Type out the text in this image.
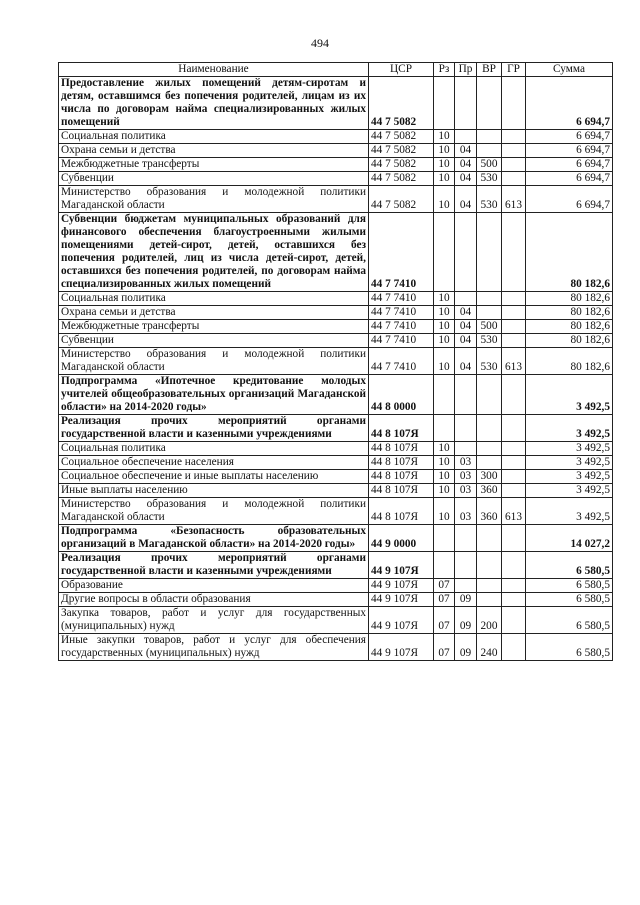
494
Наименование	ЦСР	Рз	Пр	ВР	ГР	Сумма
Предоставление жилых помещений детям-сиротам и детям, оставшимся без попечения родителей, лицам из их числа по договорам найма специализированных жилых помещений	44 7 5082					6 694,7
Социальная политика	44 7 5082	10				6 694,7
Охрана семьи и детства	44 7 5082	10	04			6 694,7
Межбюджетные трансферты	44 7 5082	10	04	500		6 694,7
Субвенции	44 7 5082	10	04	530		6 694,7
Министерство образования и молодежной политики Магаданской области	44 7 5082	10	04	530	613	6 694,7
Субвенции бюджетам муниципальных образований для финансового обеспечения благоустроенными жилыми помещениями детей-сирот, детей, оставшихся без попечения родителей, лиц из числа детей-сирот, детей, оставшихся без попечения родителей, по договорам найма специализированных жилых помещений	44 7 7410					80 182,6
Социальная политика	44 7 7410	10				80 182,6
Охрана семьи и детства	44 7 7410	10	04			80 182,6
Межбюджетные трансферты	44 7 7410	10	04	500		80 182,6
Субвенции	44 7 7410	10	04	530		80 182,6
Министерство образования и молодежной политики Магаданской области	44 7 7410	10	04	530	613	80 182,6
Подпрограмма «Ипотечное кредитование молодых учителей общеобразовательных организаций Магаданской области» на 2014-2020 годы»	44 8 0000					3 492,5
Реализация прочих мероприятий органами государственной власти и казенными учреждениями	44 8 107Я					3 492,5
Социальная политика	44 8 107Я	10				3 492,5
Социальное обеспечение населения	44 8 107Я	10	03			3 492,5
Социальное обеспечение и иные выплаты населению	44 8 107Я	10	03	300		3 492,5
Иные выплаты населению	44 8 107Я	10	03	360		3 492,5
Министерство образования и молодежной политики Магаданской области	44 8 107Я	10	03	360	613	3 492,5
Подпрограмма «Безопасность образовательных организаций в Магаданской области» на 2014-2020 годы»	44 9 0000					14 027,2
Реализация прочих мероприятий органами государственной власти и казенными учреждениями	44 9 107Я					6 580,5
Образование	44 9 107Я	07				6 580,5
Другие вопросы в области образования	44 9 107Я	07	09			6 580,5
Закупка товаров, работ и услуг для государственных (муниципальных) нужд	44 9 107Я	07	09	200		6 580,5
Иные закупки товаров, работ и услуг для обеспечения государственных (муниципальных) нужд	44 9 107Я	07	09	240		6 580,5
